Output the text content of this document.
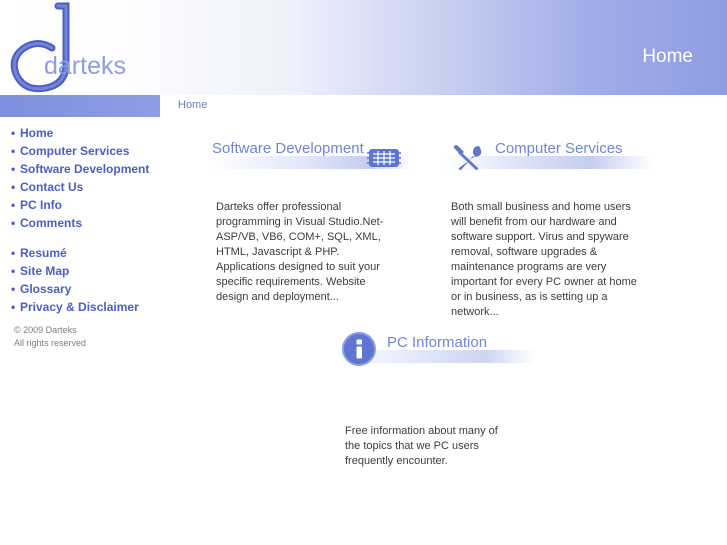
darteks	Home
Home
• Home
• Computer Services
• Software Development
• Contact Us
• PC Info
• Comments
• Resumé
• Site Map
• Glossary
• Privacy & Disclaimer
© 2009 Darteks
All rights reserved
Software Development
Darteks offer professional programming in Visual Studio.Net-ASP/VB, VB6, COM+, SQL, XML, HTML, Javascript & PHP. Applications designed to suit your specific requirements. Website design and deployment...
Computer Services
Both small business and home users will benefit from our hardware and software support. Virus and spyware removal, software upgrades & maintenance programs are very important for every PC owner at home or in business, as is setting up a network...
PC Information
Free information about many of the topics that we PC users frequently encounter.
